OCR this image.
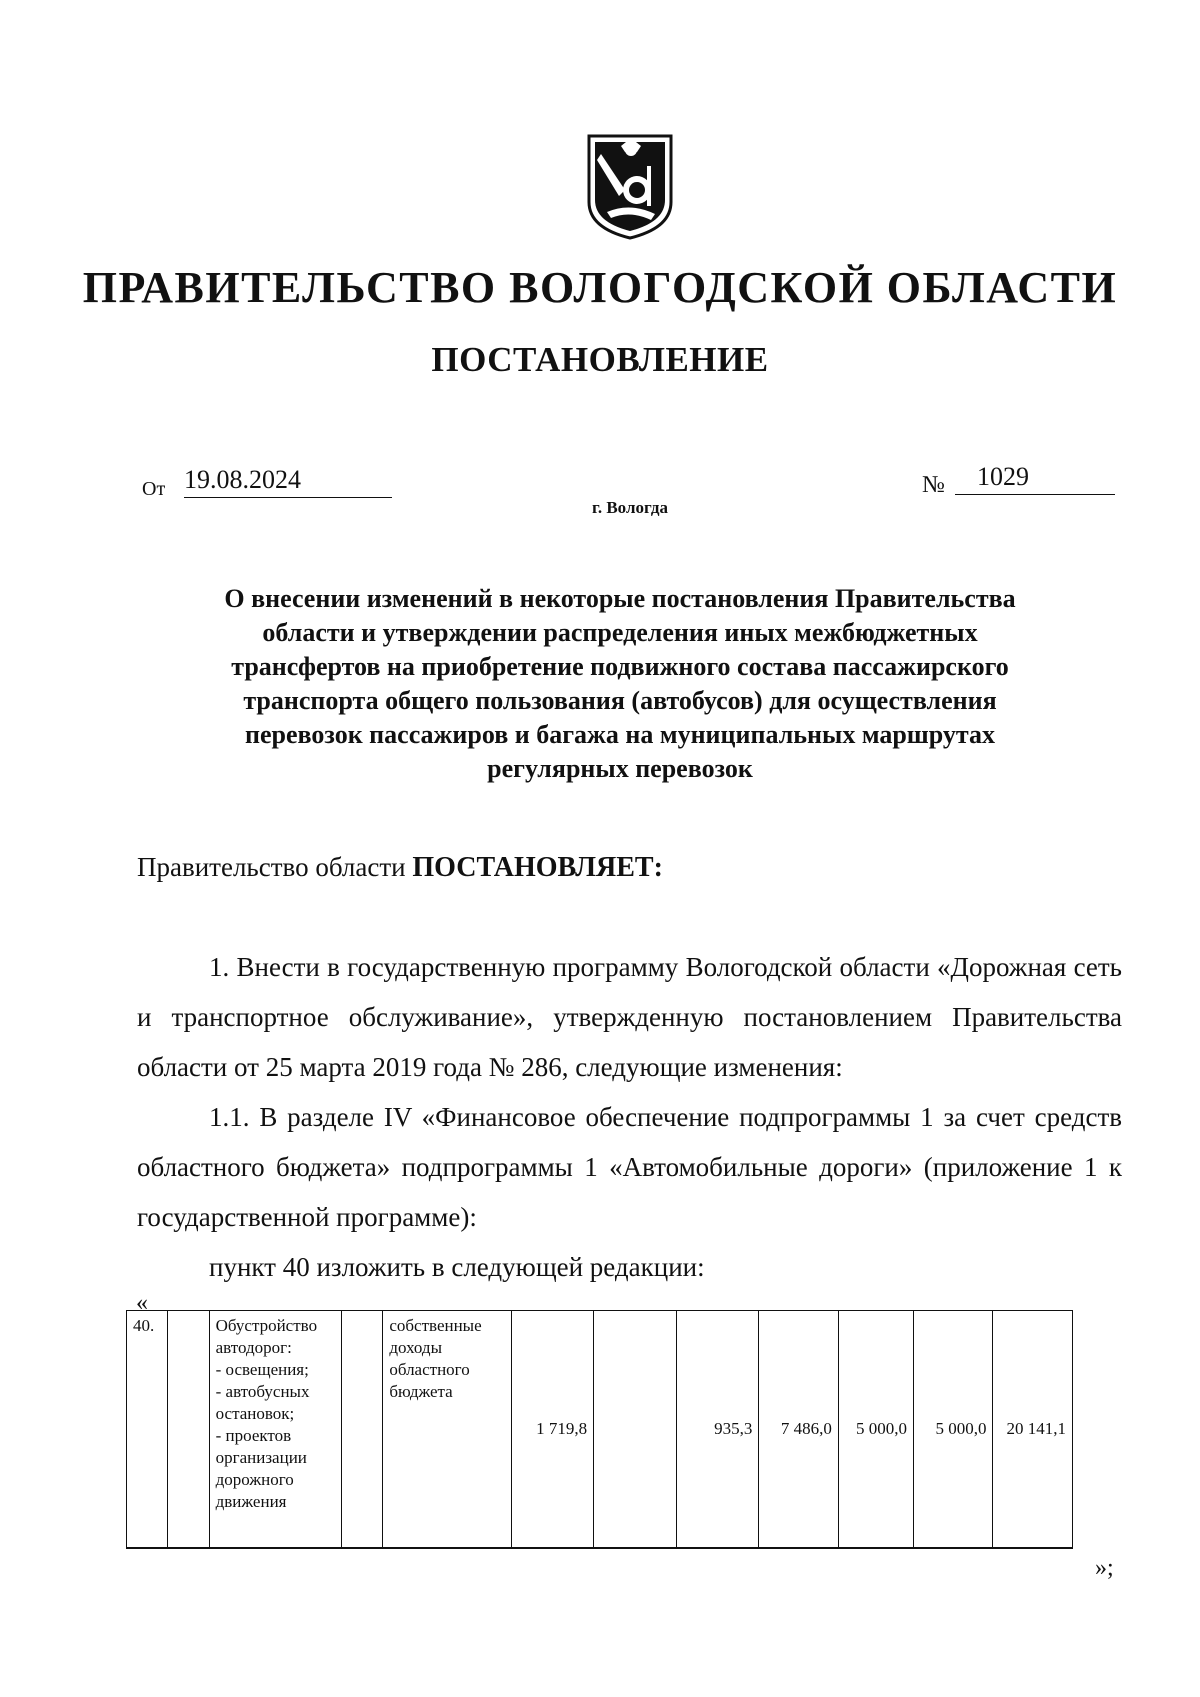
ПРАВИТЕЛЬСТВО ВОЛОГОДСКОЙ ОБЛАСТИ
ПОСТАНОВЛЕНИЕ
От 19.08.2024	№	1029
г. Вологда
О внесении изменений в некоторые постановления Правительства
области и утверждении распределения иных межбюджетных
трансфертов на приобретение подвижного состава пассажирского
транспорта общего пользования (автобусов) для осуществления
перевозок пассажиров и багажа на муниципальных маршрутах
регулярных перевозок
Правительство области ПОСТАНОВЛЯЕТ:
1. Внести в государственную программу Вологодской области «Дорожная сеть и транспортное обслуживание», утвержденную постановлением Правительства области от 25 марта 2019 года № 286, следующие изменения:
1.1. В разделе IV «Финансовое обеспечение подпрограммы 1 за счет средств областного бюджета» подпрограммы 1 «Автомобильные дороги» (приложение 1 к государственной программе):
пункт 40 изложить в следующей редакции:
«
40.		Обустройство автодорог:
- освещения;
- автобусных остановок;
- проектов организации дорожного движения		собственные доходы областного бюджета	1 719,8		935,3	7 486,0	5 000,0	5 000,0	20 141,1
»;
